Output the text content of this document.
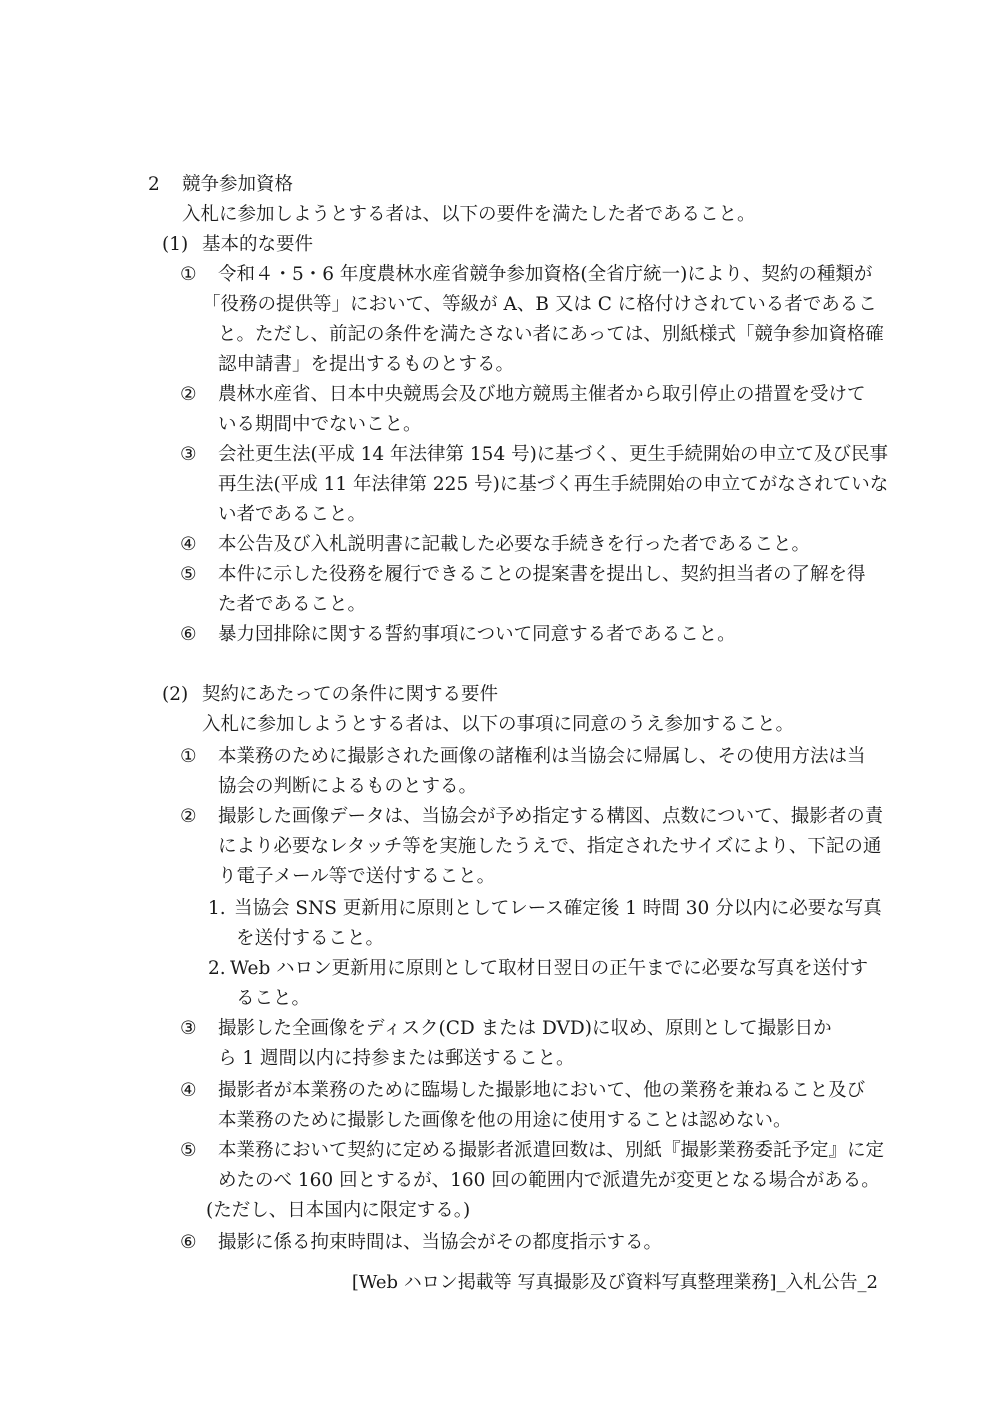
2 競争参加資格
入札に参加しようとする者は、以下の要件を満たした者であること。
(1) 基本的な要件
① 令和４・5・6 年度農林水産省競争参加資格(全省庁統一)により、契約の種類が
「役務の提供等」において、等級が A、B 又は C に格付けされている者であるこ
と。ただし、前記の条件を満たさない者にあっては、別紙様式「競争参加資格確
認申請書」を提出するものとする。
② 農林水産省、日本中央競馬会及び地方競馬主催者から取引停止の措置を受けて
いる期間中でないこと。
③ 会社更生法(平成 14 年法律第 154 号)に基づく、更生手続開始の申立て及び民事
再生法(平成 11 年法律第 225 号)に基づく再生手続開始の申立てがなされていな
い者であること。
④ 本公告及び入札説明書に記載した必要な手続きを行った者であること。
⑤ 本件に示した役務を履行できることの提案書を提出し、契約担当者の了解を得
た者であること。
⑥ 暴力団排除に関する誓約事項について同意する者であること。
(2) 契約にあたっての条件に関する要件
入札に参加しようとする者は、以下の事項に同意のうえ参加すること。
① 本業務のために撮影された画像の諸権利は当協会に帰属し、その使用方法は当
協会の判断によるものとする。
② 撮影した画像データは、当協会が予め指定する構図、点数について、撮影者の責
により必要なレタッチ等を実施したうえで、指定されたサイズにより、下記の通
り電子メール等で送付すること。
1. 当協会 SNS 更新用に原則としてレース確定後 1 時間 30 分以内に必要な写真
を送付すること。
2. Web ハロン更新用に原則として取材日翌日の正午までに必要な写真を送付す
ること。
③ 撮影した全画像をディスク(CD または DVD)に収め、原則として撮影日か
ら 1 週間以内に持参または郵送すること。
④ 撮影者が本業務のために臨場した撮影地において、他の業務を兼ねること及び
本業務のために撮影した画像を他の用途に使用することは認めない。
⑤ 本業務において契約に定める撮影者派遣回数は、別紙『撮影業務委託予定』に定
めたのべ 160 回とするが、160 回の範囲内で派遣先が変更となる場合がある。
(ただし、日本国内に限定する。)
⑥ 撮影に係る拘束時間は、当協会がその都度指示する。
[Web ハロン掲載等 写真撮影及び資料写真整理業務]_入札公告_2
